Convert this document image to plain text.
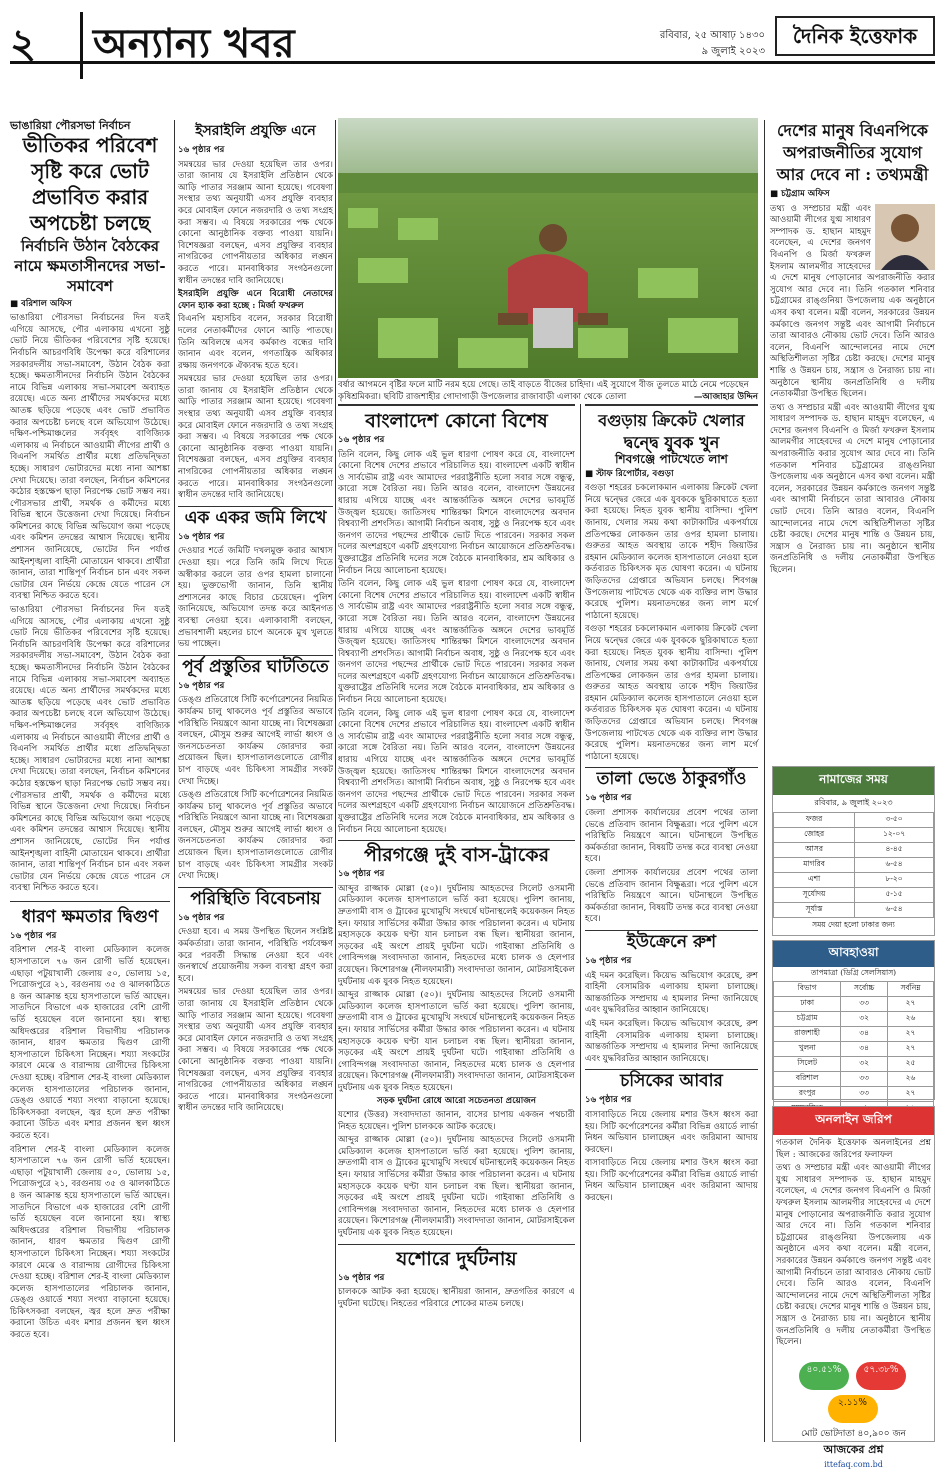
২	অন্যান্য খবর	রবিবার, ২৫ আষাঢ় ১৪৩০
৯ জুলাই ২০২৩
দৈনিক ইত্তেফাক
ভাঙারিয়া পৌরসভা নির্বাচন
ভীতিকর পরিবেশ সৃষ্টি করে ভোট প্রভাবিত করার অপচেষ্টা চলছে
নির্বাচনি উঠান বৈঠকের নামে ক্ষমতাসীনদের সভা-সমাবেশ
■ বরিশাল অফিস

ভাঙারিয়া পৌরসভা নির্বাচনের দিন যতই এগিয়ে আসছে, পৌর এলাকায় এখনো সুষ্ঠু ভোট নিয়ে ভীতিকর পরিবেশের সৃষ্টি হয়েছে। নির্বাচনি আচরণবিধি উপেক্ষা করে বরিশালের সরকারদলীয় সভা-সমাবেশ, উঠান বৈঠক করা হচ্ছে। ক্ষমতাসীনদের নির্বাচনি উঠান বৈঠকের নামে বিভিন্ন এলাকায় সভা-সমাবেশ অব্যাহত রয়েছে। এতে অন্য প্রার্থীদের সমর্থকদের মধ্যে আতঙ্ক ছড়িয়ে পড়েছে এবং ভোট প্রভাবিত করার অপচেষ্টা চলছে বলে অভিযোগ উঠেছে। দক্ষিণ-পশ্চিমাঞ্চলের সর্ববৃহৎ বাণিজ্যিক এলাকায় এ নির্বাচনে আওয়ামী লীগের প্রার্থী ও বিএনপি সমর্থিত প্রার্থীর মধ্যে প্রতিদ্বন্দ্বিতা হচ্ছে। সাধারণ ভোটারদের মধ্যে নানা আশঙ্কা দেখা দিয়েছে। তারা বলছেন, নির্বাচন কমিশনের কঠোর হস্তক্ষেপ ছাড়া নিরপেক্ষ ভোট সম্ভব নয়। পৌরসভার প্রার্থী, সমর্থক ও কর্মীদের মধ্যে বিভিন্ন স্থানে উত্তেজনা দেখা দিয়েছে। নির্বাচন কমিশনের কাছে বিভিন্ন অভিযোগ জমা পড়েছে এবং কমিশন তদন্তের আশ্বাস দিয়েছে। স্থানীয় প্রশাসন জানিয়েছে, ভোটের দিন পর্যাপ্ত আইনশৃঙ্খলা বাহিনী মোতায়েন থাকবে। প্রার্থীরা জানান, তারা শান্তিপূর্ণ নির্বাচন চান এবং সকল ভোটার যেন নির্ভয়ে কেন্দ্রে যেতে পারেন সে ব্যবস্থা নিশ্চিত করতে হবে।

ভাঙারিয়া পৌরসভা নির্বাচনের দিন যতই এগিয়ে আসছে, পৌর এলাকায় এখনো সুষ্ঠু ভোট নিয়ে ভীতিকর পরিবেশের সৃষ্টি হয়েছে। নির্বাচনি আচরণবিধি উপেক্ষা করে বরিশালের সরকারদলীয় সভা-সমাবেশ, উঠান বৈঠক করা হচ্ছে। ক্ষমতাসীনদের নির্বাচনি উঠান বৈঠকের নামে বিভিন্ন এলাকায় সভা-সমাবেশ অব্যাহত রয়েছে। এতে অন্য প্রার্থীদের সমর্থকদের মধ্যে আতঙ্ক ছড়িয়ে পড়েছে এবং ভোট প্রভাবিত করার অপচেষ্টা চলছে বলে অভিযোগ উঠেছে। দক্ষিণ-পশ্চিমাঞ্চলের সর্ববৃহৎ বাণিজ্যিক এলাকায় এ নির্বাচনে আওয়ামী লীগের প্রার্থী ও বিএনপি সমর্থিত প্রার্থীর মধ্যে প্রতিদ্বন্দ্বিতা হচ্ছে। সাধারণ ভোটারদের মধ্যে নানা আশঙ্কা দেখা দিয়েছে। তারা বলছেন, নির্বাচন কমিশনের কঠোর হস্তক্ষেপ ছাড়া নিরপেক্ষ ভোট সম্ভব নয়। পৌরসভার প্রার্থী, সমর্থক ও কর্মীদের মধ্যে বিভিন্ন স্থানে উত্তেজনা দেখা দিয়েছে। নির্বাচন কমিশনের কাছে বিভিন্ন অভিযোগ জমা পড়েছে এবং কমিশন তদন্তের আশ্বাস দিয়েছে। স্থানীয় প্রশাসন জানিয়েছে, ভোটের দিন পর্যাপ্ত আইনশৃঙ্খলা বাহিনী মোতায়েন থাকবে। প্রার্থীরা জানান, তারা শান্তিপূর্ণ নির্বাচন চান এবং সকল ভোটার যেন নির্ভয়ে কেন্দ্রে যেতে পারেন সে ব্যবস্থা নিশ্চিত করতে হবে।

ধারণ ক্ষমতার দ্বিগুণ
১৬ পৃষ্ঠার পর

বরিশাল শের-ই বাংলা মেডিক্যাল কলেজ হাসপাতালে ৭৬ জন রোগী ভর্তি হয়েছেন। এছাড়া পটুয়াখালী জেলায় ৫০, ভোলায় ১৫, পিরোজপুরে ২১, বরগুনায় ৩৫ ও ঝালকাঠিতে ৪ জন আক্রান্ত হয়ে হাসপাতালে ভর্তি আছেন। সাতদিনে বিভাগে এক হাজারের বেশি রোগী ভর্তি হয়েছেন বলে জানানো হয়। স্বাস্থ্য অধিদপ্তরের বরিশাল বিভাগীয় পরিচালক জানান, ধারণ ক্ষমতার দ্বিগুণ রোগী হাসপাতালে চিকিৎসা নিচ্ছেন। শয্যা সংকটের কারণে মেঝে ও বারান্দায় রোগীদের চিকিৎসা দেওয়া হচ্ছে। বরিশাল শের-ই বাংলা মেডিক্যাল কলেজ হাসপাতালের পরিচালক জানান, ডেঙ্গু ওয়ার্ডে শয্যা সংখ্যা বাড়ানো হয়েছে। চিকিৎসকরা বলছেন, জ্বর হলে দ্রুত পরীক্ষা করানো উচিত এবং মশার প্রজনন স্থল ধ্বংস করতে হবে।

বরিশাল শের-ই বাংলা মেডিক্যাল কলেজ হাসপাতালে ৭৬ জন রোগী ভর্তি হয়েছেন। এছাড়া পটুয়াখালী জেলায় ৫০, ভোলায় ১৫, পিরোজপুরে ২১, বরগুনায় ৩৫ ও ঝালকাঠিতে ৪ জন আক্রান্ত হয়ে হাসপাতালে ভর্তি আছেন। সাতদিনে বিভাগে এক হাজারের বেশি রোগী ভর্তি হয়েছেন বলে জানানো হয়। স্বাস্থ্য অধিদপ্তরের বরিশাল বিভাগীয় পরিচালক জানান, ধারণ ক্ষমতার দ্বিগুণ রোগী হাসপাতালে চিকিৎসা নিচ্ছেন। শয্যা সংকটের কারণে মেঝে ও বারান্দায় রোগীদের চিকিৎসা দেওয়া হচ্ছে। বরিশাল শের-ই বাংলা মেডিক্যাল কলেজ হাসপাতালের পরিচালক জানান, ডেঙ্গু ওয়ার্ডে শয্যা সংখ্যা বাড়ানো হয়েছে। চিকিৎসকরা বলছেন, জ্বর হলে দ্রুত পরীক্ষা করানো উচিত এবং মশার প্রজনন স্থল ধ্বংস করতে হবে।

ইসরাইলি প্রযুক্তি এনে
১৬ পৃষ্ঠার পর

সমন্বয়ের ভার দেওয়া হয়েছিল তার ওপর। তারা জানায় যে ইসরাইলি প্রতিষ্ঠান থেকে আড়ি পাতার সরঞ্জাম আনা হয়েছে। গবেষণা সংস্থার তথ্য অনুযায়ী এসব প্রযুক্তি ব্যবহার করে মোবাইল ফোনে নজরদারি ও তথ্য সংগ্রহ করা সম্ভব। এ বিষয়ে সরকারের পক্ষ থেকে কোনো আনুষ্ঠানিক বক্তব্য পাওয়া যায়নি। বিশেষজ্ঞরা বলছেন, এসব প্রযুক্তির ব্যবহার নাগরিকের গোপনীয়তার অধিকার লঙ্ঘন করতে পারে। মানবাধিকার সংগঠনগুলো স্বাধীন তদন্তের দাবি জানিয়েছে।

ইসরাইলি প্রযুক্তি এনে বিরোধী নেতাদের ফোন হ্যাক করা হচ্ছে : মির্জা ফখরুল

বিএনপি মহাসচিব বলেন, সরকার বিরোধী দলের নেতাকর্মীদের ফোনে আড়ি পাতছে। তিনি অবিলম্বে এসব কর্মকাণ্ড বন্ধের দাবি জানান এবং বলেন, গণতান্ত্রিক অধিকার রক্ষায় জনগণকে ঐক্যবদ্ধ হতে হবে।

সমন্বয়ের ভার দেওয়া হয়েছিল তার ওপর। তারা জানায় যে ইসরাইলি প্রতিষ্ঠান থেকে আড়ি পাতার সরঞ্জাম আনা হয়েছে। গবেষণা সংস্থার তথ্য অনুযায়ী এসব প্রযুক্তি ব্যবহার করে মোবাইল ফোনে নজরদারি ও তথ্য সংগ্রহ করা সম্ভব। এ বিষয়ে সরকারের পক্ষ থেকে কোনো আনুষ্ঠানিক বক্তব্য পাওয়া যায়নি। বিশেষজ্ঞরা বলছেন, এসব প্রযুক্তির ব্যবহার নাগরিকের গোপনীয়তার অধিকার লঙ্ঘন করতে পারে। মানবাধিকার সংগঠনগুলো স্বাধীন তদন্তের দাবি জানিয়েছে।

এক একর জমি লিখে
১৬ পৃষ্ঠার পর

দেওয়ার শর্তে জমিটি দখলমুক্ত করার আশ্বাস দেওয়া হয়। পরে তিনি জমি লিখে দিতে অস্বীকার করলে তার ওপর হামলা চালানো হয়। ভুক্তভোগী জানান, তিনি স্থানীয় প্রশাসনের কাছে বিচার চেয়েছেন। পুলিশ জানিয়েছে, অভিযোগ তদন্ত করে আইনগত ব্যবস্থা নেওয়া হবে। এলাকাবাসী বলছেন, প্রভাবশালী মহলের চাপে অনেকে মুখ খুলতে ভয় পাচ্ছেন।

পূর্ব প্রস্তুতির ঘাটতিতে
১৬ পৃষ্ঠার পর

ডেঙ্গু প্রতিরোধে সিটি কর্পোরেশনের নিয়মিত কার্যক্রম চালু থাকলেও পূর্ব প্রস্তুতির অভাবে পরিস্থিতি নিয়ন্ত্রণে আনা যাচ্ছে না। বিশেষজ্ঞরা বলছেন, মৌসুম শুরুর আগেই লার্ভা ধ্বংস ও জনসচেতনতা কার্যক্রম জোরদার করা প্রয়োজন ছিল। হাসপাতালগুলোতে রোগীর চাপ বাড়ছে এবং চিকিৎসা সামগ্রীর সংকট দেখা দিচ্ছে।

ডেঙ্গু প্রতিরোধে সিটি কর্পোরেশনের নিয়মিত কার্যক্রম চালু থাকলেও পূর্ব প্রস্তুতির অভাবে পরিস্থিতি নিয়ন্ত্রণে আনা যাচ্ছে না। বিশেষজ্ঞরা বলছেন, মৌসুম শুরুর আগেই লার্ভা ধ্বংস ও জনসচেতনতা কার্যক্রম জোরদার করা প্রয়োজন ছিল। হাসপাতালগুলোতে রোগীর চাপ বাড়ছে এবং চিকিৎসা সামগ্রীর সংকট দেখা দিচ্ছে।

পরিস্থিতি বিবেচনায়
১৬ পৃষ্ঠার পর

দেওয়া হবে। এ সময় উপস্থিত ছিলেন সংশ্লিষ্ট কর্মকর্তারা। তারা জানান, পরিস্থিতি পর্যবেক্ষণ করে পরবর্তী সিদ্ধান্ত নেওয়া হবে এবং জনস্বার্থে প্রয়োজনীয় সকল ব্যবস্থা গ্রহণ করা হবে।

সমন্বয়ের ভার দেওয়া হয়েছিল তার ওপর। তারা জানায় যে ইসরাইলি প্রতিষ্ঠান থেকে আড়ি পাতার সরঞ্জাম আনা হয়েছে। গবেষণা সংস্থার তথ্য অনুযায়ী এসব প্রযুক্তি ব্যবহার করে মোবাইল ফোনে নজরদারি ও তথ্য সংগ্রহ করা সম্ভব। এ বিষয়ে সরকারের পক্ষ থেকে কোনো আনুষ্ঠানিক বক্তব্য পাওয়া যায়নি। বিশেষজ্ঞরা বলছেন, এসব প্রযুক্তির ব্যবহার নাগরিকের গোপনীয়তার অধিকার লঙ্ঘন করতে পারে। মানবাধিকার সংগঠনগুলো স্বাধীন তদন্তের দাবি জানিয়েছে।

বর্ষার আগমনে বৃষ্টির ফলে মাটি নরম হয়ে গেছে। তাই বাড়তে বীজের চাহিদা। এই সুযোগে বীজ তুলতে মাঠে নেমে পড়েছেন কৃষিশ্রমিকরা। ছবিটি রাজশাহীর গোদাগাড়ী উপজেলার রাজাবাড়ী এলাকা থেকে তোলা	—আজাহার উদ্দিন
বাংলাদেশ কোনো বিশেষ
১৬ পৃষ্ঠার পর

তিনি বলেন, কিছু লোক এই ভুল ধারণা পোষণ করে যে, বাংলাদেশ কোনো বিশেষ দেশের প্রভাবে পরিচালিত হয়। বাংলাদেশ একটি স্বাধীন ও সার্বভৌম রাষ্ট্র এবং আমাদের পররাষ্ট্রনীতি হলো সবার সঙ্গে বন্ধুত্ব, কারো সঙ্গে বৈরিতা নয়। তিনি আরও বলেন, বাংলাদেশ উন্নয়নের ধারায় এগিয়ে যাচ্ছে এবং আন্তর্জাতিক অঙ্গনে দেশের ভাবমূর্তি উজ্জ্বল হয়েছে। জাতিসংঘ শান্তিরক্ষা মিশনে বাংলাদেশের অবদান বিশ্বব্যাপী প্রশংসিত। আগামী নির্বাচন অবাধ, সুষ্ঠু ও নিরপেক্ষ হবে এবং জনগণ তাদের পছন্দের প্রার্থীকে ভোট দিতে পারবেন। সরকার সকল দলের অংশগ্রহণে একটি গ্রহণযোগ্য নির্বাচন আয়োজনে প্রতিশ্রুতিবদ্ধ। যুক্তরাষ্ট্রের প্রতিনিধি দলের সঙ্গে বৈঠকে মানবাধিকার, শ্রম অধিকার ও নির্বাচন নিয়ে আলোচনা হয়েছে।

তিনি বলেন, কিছু লোক এই ভুল ধারণা পোষণ করে যে, বাংলাদেশ কোনো বিশেষ দেশের প্রভাবে পরিচালিত হয়। বাংলাদেশ একটি স্বাধীন ও সার্বভৌম রাষ্ট্র এবং আমাদের পররাষ্ট্রনীতি হলো সবার সঙ্গে বন্ধুত্ব, কারো সঙ্গে বৈরিতা নয়। তিনি আরও বলেন, বাংলাদেশ উন্নয়নের ধারায় এগিয়ে যাচ্ছে এবং আন্তর্জাতিক অঙ্গনে দেশের ভাবমূর্তি উজ্জ্বল হয়েছে। জাতিসংঘ শান্তিরক্ষা মিশনে বাংলাদেশের অবদান বিশ্বব্যাপী প্রশংসিত। আগামী নির্বাচন অবাধ, সুষ্ঠু ও নিরপেক্ষ হবে এবং জনগণ তাদের পছন্দের প্রার্থীকে ভোট দিতে পারবেন। সরকার সকল দলের অংশগ্রহণে একটি গ্রহণযোগ্য নির্বাচন আয়োজনে প্রতিশ্রুতিবদ্ধ। যুক্তরাষ্ট্রের প্রতিনিধি দলের সঙ্গে বৈঠকে মানবাধিকার, শ্রম অধিকার ও নির্বাচন নিয়ে আলোচনা হয়েছে।

তিনি বলেন, কিছু লোক এই ভুল ধারণা পোষণ করে যে, বাংলাদেশ কোনো বিশেষ দেশের প্রভাবে পরিচালিত হয়। বাংলাদেশ একটি স্বাধীন ও সার্বভৌম রাষ্ট্র এবং আমাদের পররাষ্ট্রনীতি হলো সবার সঙ্গে বন্ধুত্ব, কারো সঙ্গে বৈরিতা নয়। তিনি আরও বলেন, বাংলাদেশ উন্নয়নের ধারায় এগিয়ে যাচ্ছে এবং আন্তর্জাতিক অঙ্গনে দেশের ভাবমূর্তি উজ্জ্বল হয়েছে। জাতিসংঘ শান্তিরক্ষা মিশনে বাংলাদেশের অবদান বিশ্বব্যাপী প্রশংসিত। আগামী নির্বাচন অবাধ, সুষ্ঠু ও নিরপেক্ষ হবে এবং জনগণ তাদের পছন্দের প্রার্থীকে ভোট দিতে পারবেন। সরকার সকল দলের অংশগ্রহণে একটি গ্রহণযোগ্য নির্বাচন আয়োজনে প্রতিশ্রুতিবদ্ধ। যুক্তরাষ্ট্রের প্রতিনিধি দলের সঙ্গে বৈঠকে মানবাধিকার, শ্রম অধিকার ও নির্বাচন নিয়ে আলোচনা হয়েছে।

পীরগঞ্জে দুই বাস-ট্রাকের
১৬ পৃষ্ঠার পর

আব্দুর রাজ্জাক মোল্লা (৫০)। দুর্ঘটনায় আহতদের সিলেট ওসমানী মেডিক্যাল কলেজ হাসপাতালে ভর্তি করা হয়েছে। পুলিশ জানায়, দ্রুতগামী বাস ও ট্রাকের মুখোমুখি সংঘর্ষে ঘটনাস্থলেই কয়েকজন নিহত হন। ফায়ার সার্ভিসের কর্মীরা উদ্ধার কাজ পরিচালনা করেন। এ ঘটনায় মহাসড়কে কয়েক ঘণ্টা যান চলাচল বন্ধ ছিল। স্থানীয়রা জানান, সড়কের এই অংশে প্রায়ই দুর্ঘটনা ঘটে। গাইবান্ধা প্রতিনিধি ও গোবিন্দগঞ্জ সংবাদদাতা জানান, নিহতদের মধ্যে চালক ও হেলপার রয়েছেন। কিশোরগঞ্জ (নীলফামারী) সংবাদদাতা জানান, মোটরসাইকেল দুর্ঘটনায় এক যুবক নিহত হয়েছেন।

আব্দুর রাজ্জাক মোল্লা (৫০)। দুর্ঘটনায় আহতদের সিলেট ওসমানী মেডিক্যাল কলেজ হাসপাতালে ভর্তি করা হয়েছে। পুলিশ জানায়, দ্রুতগামী বাস ও ট্রাকের মুখোমুখি সংঘর্ষে ঘটনাস্থলেই কয়েকজন নিহত হন। ফায়ার সার্ভিসের কর্মীরা উদ্ধার কাজ পরিচালনা করেন। এ ঘটনায় মহাসড়কে কয়েক ঘণ্টা যান চলাচল বন্ধ ছিল। স্থানীয়রা জানান, সড়কের এই অংশে প্রায়ই দুর্ঘটনা ঘটে। গাইবান্ধা প্রতিনিধি ও গোবিন্দগঞ্জ সংবাদদাতা জানান, নিহতদের মধ্যে চালক ও হেলপার রয়েছেন। কিশোরগঞ্জ (নীলফামারী) সংবাদদাতা জানান, মোটরসাইকেল দুর্ঘটনায় এক যুবক নিহত হয়েছেন।

সড়ক দুর্ঘটনা রোধে আরো সচেতনতা প্রয়োজন

যশোর (উত্তর) সংবাদদাতা জানান, বাসের চাপায় একজন পথচারী নিহত হয়েছেন। পুলিশ চালককে আটক করেছে।

আব্দুর রাজ্জাক মোল্লা (৫০)। দুর্ঘটনায় আহতদের সিলেট ওসমানী মেডিক্যাল কলেজ হাসপাতালে ভর্তি করা হয়েছে। পুলিশ জানায়, দ্রুতগামী বাস ও ট্রাকের মুখোমুখি সংঘর্ষে ঘটনাস্থলেই কয়েকজন নিহত হন। ফায়ার সার্ভিসের কর্মীরা উদ্ধার কাজ পরিচালনা করেন। এ ঘটনায় মহাসড়কে কয়েক ঘণ্টা যান চলাচল বন্ধ ছিল। স্থানীয়রা জানান, সড়কের এই অংশে প্রায়ই দুর্ঘটনা ঘটে। গাইবান্ধা প্রতিনিধি ও গোবিন্দগঞ্জ সংবাদদাতা জানান, নিহতদের মধ্যে চালক ও হেলপার রয়েছেন। কিশোরগঞ্জ (নীলফামারী) সংবাদদাতা জানান, মোটরসাইকেল দুর্ঘটনায় এক যুবক নিহত হয়েছেন।

যশোরে দুর্ঘটনায়
১৬ পৃষ্ঠার পর

চালককে আটক করা হয়েছে। স্থানীয়রা জানান, দ্রুতগতির কারণে এ দুর্ঘটনা ঘটেছে। নিহতের পরিবারে শোকের মাতম চলছে।

বগুড়ায় ক্রিকেট খেলার দ্বন্দ্বে যুবক খুন
শিবগঞ্জে পাটখেতে লাশ
■ স্টাফ রিপোর্টার, বগুড়া

বগুড়া শহরের চকলোকমান এলাকায় ক্রিকেট খেলা নিয়ে দ্বন্দ্বের জেরে এক যুবককে ছুরিকাঘাতে হত্যা করা হয়েছে। নিহত যুবক স্থানীয় বাসিন্দা। পুলিশ জানায়, খেলার সময় কথা কাটাকাটির একপর্যায়ে প্রতিপক্ষের লোকজন তার ওপর হামলা চালায়। গুরুতর আহত অবস্থায় তাকে শহীদ জিয়াউর রহমান মেডিক্যাল কলেজ হাসপাতালে নেওয়া হলে কর্তব্যরত চিকিৎসক মৃত ঘোষণা করেন। এ ঘটনায় জড়িতদের গ্রেপ্তারে অভিযান চলছে। শিবগঞ্জ উপজেলায় পাটখেত থেকে এক ব্যক্তির লাশ উদ্ধার করেছে পুলিশ। ময়নাতদন্তের জন্য লাশ মর্গে পাঠানো হয়েছে।

বগুড়া শহরের চকলোকমান এলাকায় ক্রিকেট খেলা নিয়ে দ্বন্দ্বের জেরে এক যুবককে ছুরিকাঘাতে হত্যা করা হয়েছে। নিহত যুবক স্থানীয় বাসিন্দা। পুলিশ জানায়, খেলার সময় কথা কাটাকাটির একপর্যায়ে প্রতিপক্ষের লোকজন তার ওপর হামলা চালায়। গুরুতর আহত অবস্থায় তাকে শহীদ জিয়াউর রহমান মেডিক্যাল কলেজ হাসপাতালে নেওয়া হলে কর্তব্যরত চিকিৎসক মৃত ঘোষণা করেন। এ ঘটনায় জড়িতদের গ্রেপ্তারে অভিযান চলছে। শিবগঞ্জ উপজেলায় পাটখেত থেকে এক ব্যক্তির লাশ উদ্ধার করেছে পুলিশ। ময়নাতদন্তের জন্য লাশ মর্গে পাঠানো হয়েছে।

তালা ভেঙে ঠাকুরগাঁও
১৬ পৃষ্ঠার পর

জেলা প্রশাসক কার্যালয়ের প্রবেশ পথের তালা ভেঙে প্রতিবাদ জানান বিক্ষুব্ধরা। পরে পুলিশ এসে পরিস্থিতি নিয়ন্ত্রণে আনে। ঘটনাস্থলে উপস্থিত কর্মকর্তারা জানান, বিষয়টি তদন্ত করে ব্যবস্থা নেওয়া হবে।

জেলা প্রশাসক কার্যালয়ের প্রবেশ পথের তালা ভেঙে প্রতিবাদ জানান বিক্ষুব্ধরা। পরে পুলিশ এসে পরিস্থিতি নিয়ন্ত্রণে আনে। ঘটনাস্থলে উপস্থিত কর্মকর্তারা জানান, বিষয়টি তদন্ত করে ব্যবস্থা নেওয়া হবে।

ইউক্রেনে রুশ
১৬ পৃষ্ঠার পর

এই দমন করেছিল। কিয়েভ অভিযোগ করেছে, রুশ বাহিনী বেসামরিক এলাকায় হামলা চালাচ্ছে। আন্তর্জাতিক সম্প্রদায় এ হামলার নিন্দা জানিয়েছে এবং যুদ্ধবিরতির আহ্বান জানিয়েছে।

এই দমন করেছিল। কিয়েভ অভিযোগ করেছে, রুশ বাহিনী বেসামরিক এলাকায় হামলা চালাচ্ছে। আন্তর্জাতিক সম্প্রদায় এ হামলার নিন্দা জানিয়েছে এবং যুদ্ধবিরতির আহ্বান জানিয়েছে।

চসিকের আবার
১৬ পৃষ্ঠার পর

বাসাবাড়িতে নিয়ে জেলায় মশার উৎস ধ্বংস করা হয়। সিটি কর্পোরেশনের কর্মীরা বিভিন্ন ওয়ার্ডে লার্ভা নিধন অভিযান চালাচ্ছেন এবং জরিমানা আদায় করছেন।

বাসাবাড়িতে নিয়ে জেলায় মশার উৎস ধ্বংস করা হয়। সিটি কর্পোরেশনের কর্মীরা বিভিন্ন ওয়ার্ডে লার্ভা নিধন অভিযান চালাচ্ছেন এবং জরিমানা আদায় করছেন।

দেশের মানুষ বিএনপিকে অপরাজনীতির সুযোগ আর দেবে না : তথ্যমন্ত্রী
■ চট্টগ্রাম অফিস

তথ্য ও সম্প্রচার মন্ত্রী এবং আওয়ামী লীগের যুগ্ম সাধারণ সম্পাদক ড. হাছান মাহমুদ বলেছেন, এ দেশের জনগণ বিএনপি ও মির্জা ফখরুল ইসলাম আলমগীর সাহেবদের এ দেশে মানুষ পোড়ানোর অপরাজনীতি করার সুযোগ আর দেবে না। তিনি গতকাল শনিবার চট্টগ্রামের রাঙ্গুনিয়া উপজেলায় এক অনুষ্ঠানে এসব কথা বলেন। মন্ত্রী বলেন, সরকারের উন্নয়ন কর্মকাণ্ডে জনগণ সন্তুষ্ট এবং আগামী নির্বাচনে তারা আবারও নৌকায় ভোট দেবে। তিনি আরও বলেন, বিএনপি আন্দোলনের নামে দেশে অস্থিতিশীলতা সৃষ্টির চেষ্টা করছে। দেশের মানুষ শান্তি ও উন্নয়ন চায়, সন্ত্রাস ও নৈরাজ্য চায় না। অনুষ্ঠানে স্থানীয় জনপ্রতিনিধি ও দলীয় নেতাকর্মীরা উপস্থিত ছিলেন।

তথ্য ও সম্প্রচার মন্ত্রী এবং আওয়ামী লীগের যুগ্ম সাধারণ সম্পাদক ড. হাছান মাহমুদ বলেছেন, এ দেশের জনগণ বিএনপি ও মির্জা ফখরুল ইসলাম আলমগীর সাহেবদের এ দেশে মানুষ পোড়ানোর অপরাজনীতি করার সুযোগ আর দেবে না। তিনি গতকাল শনিবার চট্টগ্রামের রাঙ্গুনিয়া উপজেলায় এক অনুষ্ঠানে এসব কথা বলেন। মন্ত্রী বলেন, সরকারের উন্নয়ন কর্মকাণ্ডে জনগণ সন্তুষ্ট এবং আগামী নির্বাচনে তারা আবারও নৌকায় ভোট দেবে। তিনি আরও বলেন, বিএনপি আন্দোলনের নামে দেশে অস্থিতিশীলতা সৃষ্টির চেষ্টা করছে। দেশের মানুষ শান্তি ও উন্নয়ন চায়, সন্ত্রাস ও নৈরাজ্য চায় না। অনুষ্ঠানে স্থানীয় জনপ্রতিনিধি ও দলীয় নেতাকর্মীরা উপস্থিত ছিলেন।

নামাজের সময়
রবিবার, ৯ জুলাই ২০২৩
ফজর	৩-৫০
জোহর	১২-০৭
আসর	৪-৪৫
মাগরিব	৬-৫৪
এশা	৮-২০
সূর্যোদয়	৫-১৫
সূর্যাস্ত	৬-৫৪
সময় দেয়া হলো ঢাকার জন্য
আবহাওয়া
তাপমাত্রা (ডিগ্রি সেলসিয়াস)
বিভাগ	সর্বোচ্চ	সর্বনিম্ন
ঢাকা	৩৩	২৭
চট্টগ্রাম	৩২	২৬
রাজশাহী	৩৪	২৭
খুলনা	৩৪	২৭
সিলেট	৩২	২৫
বরিশাল	৩৩	২৬
রংপুর	৩৩	২৭

অনলাইন জরিপ

গতকাল দৈনিক ইত্তেফাক অনলাইনের প্রশ্ন ছিল : আজকের জরিপের ফলাফল

তথ্য ও সম্প্রচার মন্ত্রী এবং আওয়ামী লীগের যুগ্ম সাধারণ সম্পাদক ড. হাছান মাহমুদ বলেছেন, এ দেশের জনগণ বিএনপি ও মির্জা ফখরুল ইসলাম আলমগীর সাহেবদের এ দেশে মানুষ পোড়ানোর অপরাজনীতি করার সুযোগ আর দেবে না। তিনি গতকাল শনিবার চট্টগ্রামের রাঙ্গুনিয়া উপজেলায় এক অনুষ্ঠানে এসব কথা বলেন। মন্ত্রী বলেন, সরকারের উন্নয়ন কর্মকাণ্ডে জনগণ সন্তুষ্ট এবং আগামী নির্বাচনে তারা আবারও নৌকায় ভোট দেবে। তিনি আরও বলেন, বিএনপি আন্দোলনের নামে দেশে অস্থিতিশীলতা সৃষ্টির চেষ্টা করছে। দেশের মানুষ শান্তি ও উন্নয়ন চায়, সন্ত্রাস ও নৈরাজ্য চায় না। অনুষ্ঠানে স্থানীয় জনপ্রতিনিধি ও দলীয় নেতাকর্মীরা উপস্থিত ছিলেন।

৪০.৫১% ৫৭.৩৮% ২.১১%
মোট ভোটদাতা ৪০,৯০০ জন
আজকের প্রশ্ন
ittefaq.com.bd
